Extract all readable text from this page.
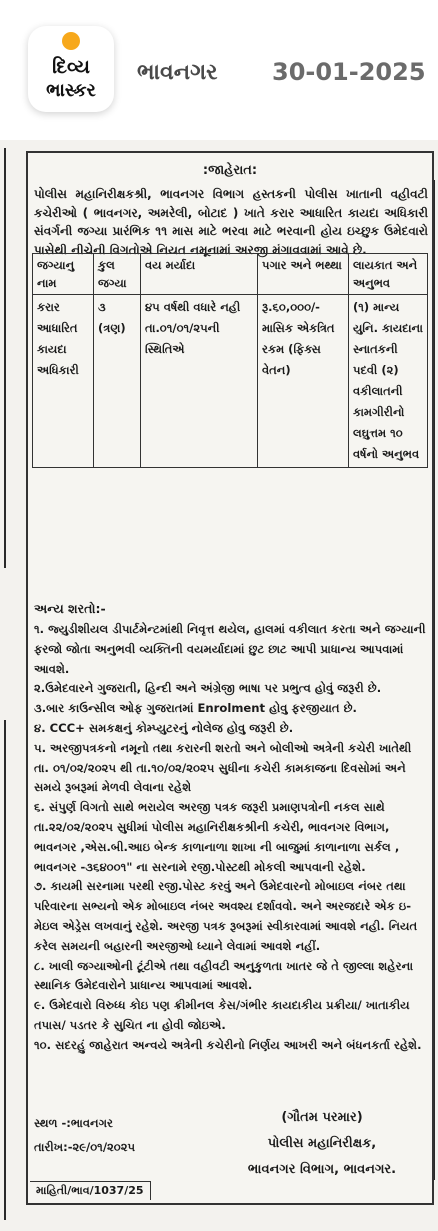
દિવ્ય
ભાસ્કર
ભાવનગર 30-01-2025
:જાહેરાત:
પોલીસ મહાનિરીક્ષકશ્રી, ભાવનગર વિભાગ હસ્તકની પોલીસ ખાતાની વહીવટી કચેરીઓ ( ભાવનગર, અમરેલી, બોટાદ ) ખાતે કરાર આધારિત કાયદા અધિકારી સંવર્ગની જગ્યા પ્રારંભિક ૧૧ માસ માટે ભરવા માટે ભરવાની હોય ઇચ્છુક ઉમેદવારો પાસેથી નીચેની વિગતોએ નિયત નમૂનામાં અરજી મંગાવવામાં આવે છે.
જગ્યાનુ નામ	કુલ જગ્યા	વય મર્યાદા	પગાર અને ભથ્થા	લાયકાત અને અનુભવ
કરાર આધારિત કાયદા અધિકારી	૩ (ત્રણ)	૪૫ વર્ષથી વધારે નહી તા.૦૧/૦૧/૨૫ની સ્થિતિએ	રૂ.૬૦,૦૦૦/- માસિક એકત્રિત રકમ (ફિક્સ વેતન)	(૧) માન્ય યુનિ. કાયદાના સ્નાતકની પદવી (૨) વકીલાતની કામગીરીનો લઘુત્તમ ૧૦ વર્ષનો અનુભવ
અન્ય શરતો:-

૧. જ્યુડીશીયલ ડીપાર્ટમેન્ટમાંથી નિવૃત્ત થયેલ, હાલમાં વકીલાત કરતા અને જગ્યાની ફરજો જોતા અનુભવી વ્યક્તિની વયમર્યાદામાં છુટ છાટ આપી પ્રાધાન્ય આપવામાં આવશે.

૨.ઉમેદવારને ગુજરાતી, હિન્દી અને અંગ્રેજી ભાષા પર પ્રભુત્વ હોવું જરૂરી છે.

૩.બાર કાઉન્સીલ ઓફ ગુજરાતમાં Enrolment હોવુ ફરજીયાત છે.

૪. CCC+ સમકક્ષનું કોમ્પ્યુટરનું નોલેજ હોવુ જરૂરી છે.

૫. અરજીપત્રકનો નમૂનો તથા કરારની શરતો અને બોલીઓ અત્રેની કચેરી ખાતેથી તા. ૦૧/૦૨/૨૦૨૫ થી તા.૧૦/૦૨/૨૦૨૫ સુધીના કચેરી કામકાજના દિવસોમાં અને સમયે રૂબરૂમાં મેળવી લેવાના રહેશે

૬. સંપુર્ણ વિગતો સાથે ભરાયેલ અરજી પત્રક જરૂરી પ્રમાણપત્રોની નકલ સાથે તા.૨૨/૦૨/૨૦૨૫ સુધીમાં પોલીસ મહાનિરીક્ષકશ્રીની કચેરી, ભાવનગર વિભાગ, ભાવનગર ,એસ.બી.આઇ બેન્ક કાળાનાળા શાખા ની બાજુમાં કાળાનાળા સર્કલ , ભાવનગર -૩૬૪૦૦૧" ના સરનામે રજી.પોસ્ટથી મોકલી આપવાની રહેશે.

૭. કાયમી સરનામા પરથી રજી.પોસ્ટ કરવું અને ઉમેદવારનો મોબાઇલ નંબર તથા પરિવારના સભ્યનો એક મોબાઇલ નંબર અવશ્ય દર્શાવવો. અને અરજદારે એક ઇ-મેઇલ એડ્રેસ લખવાનું રહેશે. અરજી પત્રક રૂબરૂમાં સ્વીકારવામાં આવશે નહી. નિયત કરેલ સમયની બહારની અરજીઓ ધ્યાને લેવામાં આવશે નહીં.

૮. ખાલી જગ્યાઓની ટૂંટીએ તથા વહીવટી અનુકુળતા ખાતર જે તે જીલ્લા શહેરના સ્થાનિક ઉમેદવારોને પ્રાધાન્ય આપવામાં આવશે.

૯. ઉમેદવારો વિરુધ્ધ કોઇ પણ ક્રીમીનલ કેસ/ગંભીર કાયદાકીય પ્રક્રીયા/ ખાતાકીય તપાસ/ પડતર કે સુચિત ના હોવી જોઇએ.

૧૦. સદરહું જાહેરાત અન્વયે અત્રેની કચેરીનો નિર્ણય આખરી અને બંધનકર્તા રહેશે.

સ્થળ -:ભાવનગર
તારીખ:-૨૯/૦૧/૨૦૨૫
(ગૌતમ પરમાર)
પોલીસ મહાનિરીક્ષક,
ભાવનગર વિભાગ, ભાવનગર.
માહિતી/ભાવ/1037/25
